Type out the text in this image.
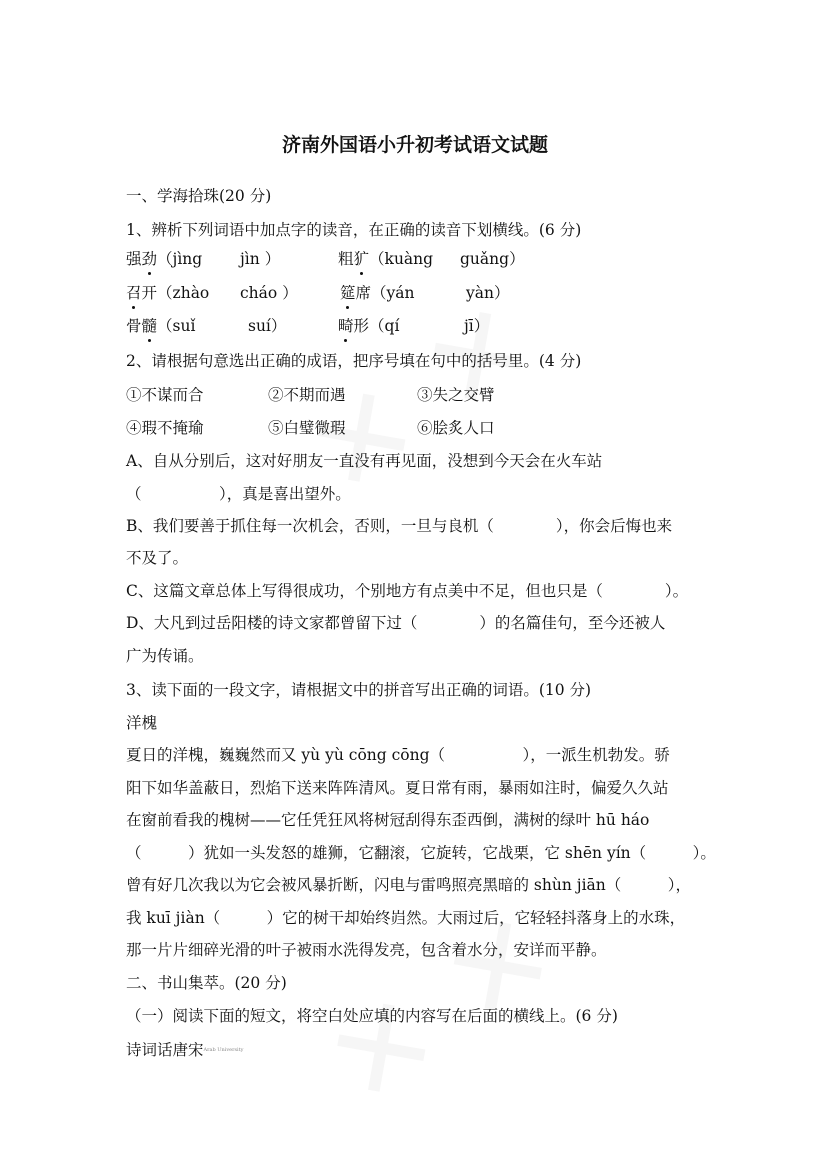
济南外国语小升初考试语文试题
一、学海拾珠(20 分)
1、辨析下列词语中加点字的读音，在正确的读音下划横线。(6 分)
强劲（jìng jìn ）	粗犷（kuàng guǎng）
召开（zhào cháo ）	筵席（yán	yàn）
骨髓（suǐ	suí）	畸形（qí	jī）
2、请根据句意选出正确的成语，把序号填在句中的括号里。(4 分)
①不谋而合	②不期而遇	③失之交臂
④瑕不掩瑜	⑤白璧微瑕	⑥脍炙人口
A、自从分别后，这对好朋友一直没有再见面，没想到今天会在火车站
（　　　　　），真是喜出望外。
B、我们要善于抓住每一次机会，否则，一旦与良机（　　　　），你会后悔也来
不及了。
C、这篇文章总体上写得很成功，个别地方有点美中不足，但也只是（　　　　）。
D、大凡到过岳阳楼的诗文家都曾留下过（　　　　）的名篇佳句，至今还被人
广为传诵。
3、读下面的一段文字，请根据文中的拼音写出正确的词语。(10 分)
洋槐
夏日的洋槐，巍巍然而又 yù yù cōng cōng（　　　　　），一派生机勃发。骄
阳下如华盖蔽日，烈焰下送来阵阵清风。夏日常有雨，暴雨如注时，偏爱久久站
在窗前看我的槐树——它任凭狂风将树冠刮得东歪西倒，满树的绿叶 hū háo
（　　　）犹如一头发怒的雄狮，它翻滚，它旋转，它战栗，它 shēn yín（　　　）。
曾有好几次我以为它会被风暴折断，闪电与雷鸣照亮黑暗的 shùn jiān（　　　），
我 kuī jiàn（　　　）它的树干却始终岿然。大雨过后，它轻轻抖落身上的水珠，
那一片片细碎光滑的叶子被雨水洗得发亮，包含着水分，安详而平静。
二、书山集萃。(20 分)
（一）阅读下面的短文，将空白处应填的内容写在后面的横线上。(6 分)
诗词话唐宋Arab University
